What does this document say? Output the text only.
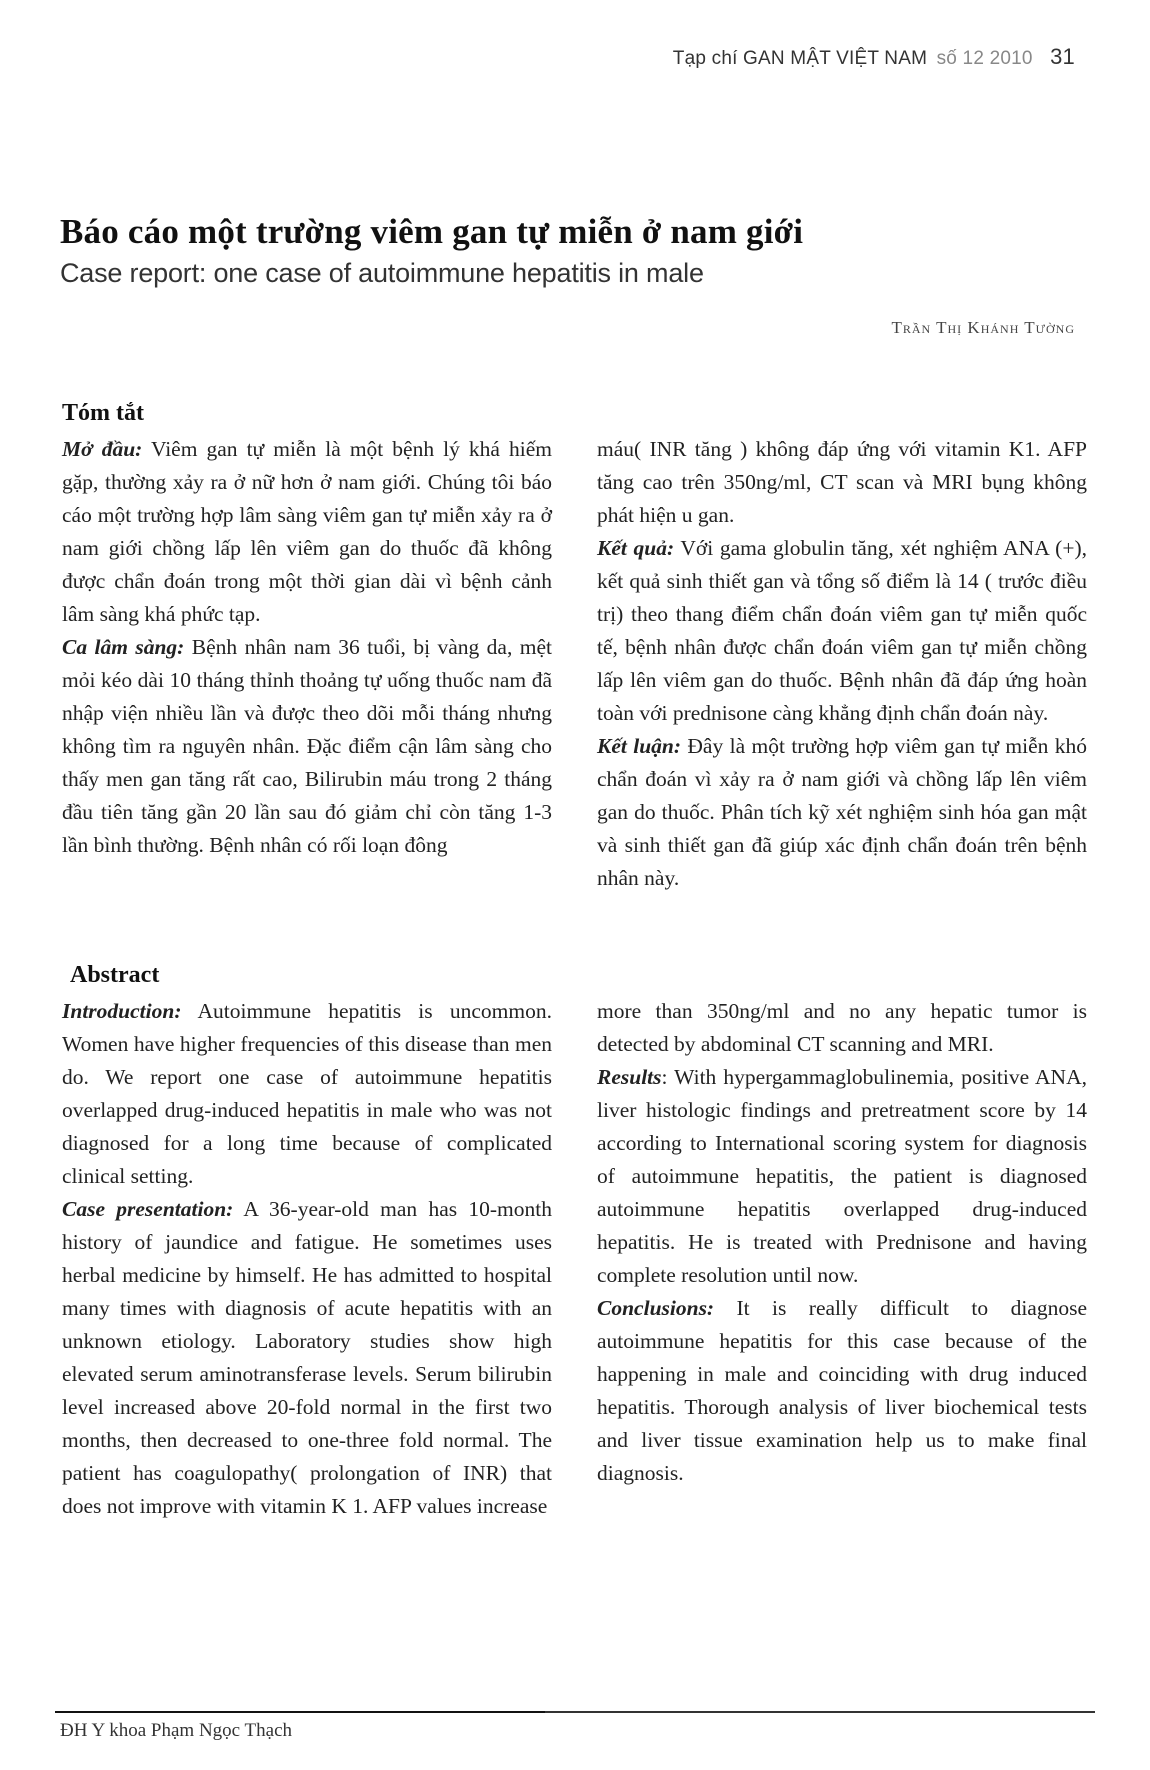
Tạp chí GAN MẬT VIỆT NAM số 12 2010 31
Báo cáo một trường viêm gan tự miễn ở nam giới
Case report: one case of autoimmune hepatitis in male
Trần Thị Khánh Tường
Tóm tắt

Mở đầu: Viêm gan tự miễn là một bệnh lý khá hiếm gặp, thường xảy ra ở nữ hơn ở nam giới. Chúng tôi báo cáo một trường hợp lâm sàng viêm gan tự miễn xảy ra ở nam giới chồng lấp lên viêm gan do thuốc đã không được chẩn đoán trong một thời gian dài vì bệnh cảnh lâm sàng khá phức tạp.

Ca lâm sàng: Bệnh nhân nam 36 tuổi, bị vàng da, mệt mỏi kéo dài 10 tháng thỉnh thoảng tự uống thuốc nam đã nhập viện nhiều lần và được theo dõi mỗi tháng nhưng không tìm ra nguyên nhân. Đặc điểm cận lâm sàng cho thấy men gan tăng rất cao, Bilirubin máu trong 2 tháng đầu tiên tăng gần 20 lần sau đó giảm chỉ còn tăng 1-3 lần bình thường. Bệnh nhân có rối loạn đông

máu( INR tăng ) không đáp ứng với vitamin K1. AFP tăng cao trên 350ng/ml, CT scan và MRI bụng không phát hiện u gan.

Kết quả: Với gama globulin tăng, xét nghiệm ANA (+), kết quả sinh thiết gan và tổng số điểm là 14 ( trước điều trị) theo thang điểm chẩn đoán viêm gan tự miễn quốc tế, bệnh nhân được chẩn đoán viêm gan tự miễn chồng lấp lên viêm gan do thuốc. Bệnh nhân đã đáp ứng hoàn toàn với prednisone càng khẳng định chẩn đoán này.

Kết luận: Đây là một trường hợp viêm gan tự miễn khó chẩn đoán vì xảy ra ở nam giới và chồng lấp lên viêm gan do thuốc. Phân tích kỹ xét nghiệm sinh hóa gan mật và sinh thiết gan đã giúp xác định chẩn đoán trên bệnh nhân này.

Abstract

Introduction: Autoimmune hepatitis is uncommon. Women have higher frequencies of this disease than men do. We report one case of autoimmune hepatitis overlapped drug-induced hepatitis in male who was not diagnosed for a long time because of complicated clinical setting.

Case presentation: A 36-year-old man has 10-month history of jaundice and fatigue. He sometimes uses herbal medicine by himself. He has admitted to hospital many times with diagnosis of acute hepatitis with an unknown etiology. Laboratory studies show high elevated serum aminotransferase levels. Serum bilirubin level increased above 20-fold normal in the first two months, then decreased to one-three fold normal. The patient has coagulopathy( prolongation of INR) that does not improve with vitamin K 1. AFP values increase

more than 350ng/ml and no any hepatic tumor is detected by abdominal CT scanning and MRI.

Results: With hypergammaglobulinemia, positive ANA, liver histologic findings and pretreatment score by 14 according to International scoring system for diagnosis of autoimmune hepatitis, the patient is diagnosed autoimmune hepatitis overlapped drug-induced hepatitis. He is treated with Prednisone and having complete resolution until now.

Conclusions: It is really difficult to diagnose autoimmune hepatitis for this case because of the happening in male and coinciding with drug induced hepatitis. Thorough analysis of liver biochemical tests and liver tissue examination help us to make final diagnosis.

ĐH Y khoa Phạm Ngọc Thạch
